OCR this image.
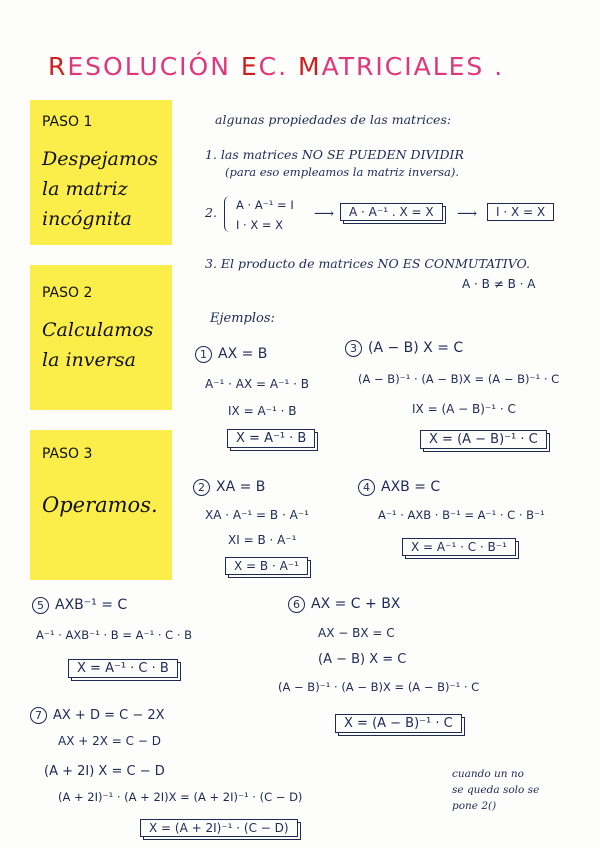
RESOLUCIÓN EC. MATRICIALES .
PASO 1
Despejamos
la matriz
incógnita
PASO 2
Calculamos
la inversa
PASO 3
Operamos.
algunas propiedades de las matrices:
1. las matrices NO SE PUEDEN DIVIDIR
(para eso empleamos la matriz inversa).
2. A · A⁻¹ = I
I · X = X
⟶	A · A⁻¹ . X = X	⟶	I · X = X
3. El producto de matrices NO ES CONMUTATIVO.
A · B ≠ B · A
Ejemplos:
1 AX = B
A⁻¹ · AX = A⁻¹ · B
IX = A⁻¹ · B
X = A⁻¹ · B
3 (A − B) X = C
(A − B)⁻¹ · (A − B)X = (A − B)⁻¹ · C
IX = (A − B)⁻¹ · C
X = (A − B)⁻¹ · C
2 XA = B
XA · A⁻¹ = B · A⁻¹
XI = B · A⁻¹
X = B · A⁻¹
4 AXB = C
A⁻¹ · AXB · B⁻¹ = A⁻¹ · C · B⁻¹
X = A⁻¹ · C · B⁻¹
5 AXB⁻¹ = C
A⁻¹ · AXB⁻¹ · B = A⁻¹ · C · B
X = A⁻¹ · C · B
6 AX = C + BX
AX − BX = C
(A − B) X = C
(A − B)⁻¹ · (A − B)X = (A − B)⁻¹ · C
X = (A − B)⁻¹ · C
7 AX + D = C − 2X
AX + 2X = C − D
(A + 2I) X = C − D
(A + 2I)⁻¹ · (A + 2I)X = (A + 2I)⁻¹ · (C − D)
X = (A + 2I)⁻¹ · (C − D)
cuando un no
se queda solo se
pone 2()
